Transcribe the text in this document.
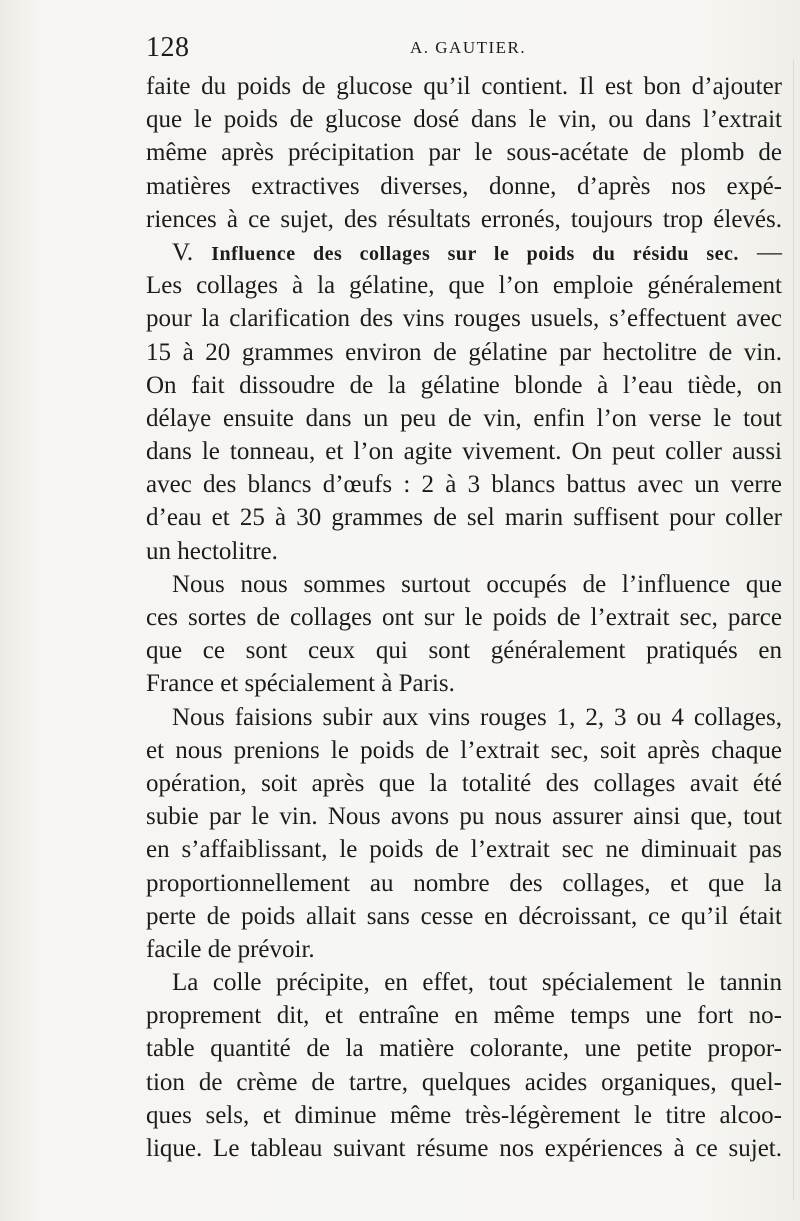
128	A. GAUTIER.
faite du poids de glucose qu’il contient. Il est bon d’ajouter
que le poids de glucose dosé dans le vin, ou dans l’extrait
même après précipitation par le sous-acétate de plomb de
matières extractives diverses, donne, d’après nos expé-
riences à ce sujet, des résultats erronés, toujours trop élevés.
V. Influence des collages sur le poids du résidu sec. —
Les collages à la gélatine, que l’on emploie généralement
pour la clarification des vins rouges usuels, s’effectuent avec
15 à 20 grammes environ de gélatine par hectolitre de vin.
On fait dissoudre de la gélatine blonde à l’eau tiède, on
délaye ensuite dans un peu de vin, enfin l’on verse le tout
dans le tonneau, et l’on agite vivement. On peut coller aussi
avec des blancs d’œufs : 2 à 3 blancs battus avec un verre
d’eau et 25 à 30 grammes de sel marin suffisent pour coller
un hectolitre.
Nous nous sommes surtout occupés de l’influence que
ces sortes de collages ont sur le poids de l’extrait sec, parce
que ce sont ceux qui sont généralement pratiqués en
France et spécialement à Paris.
Nous faisions subir aux vins rouges 1, 2, 3 ou 4 collages,
et nous prenions le poids de l’extrait sec, soit après chaque
opération, soit après que la totalité des collages avait été
subie par le vin. Nous avons pu nous assurer ainsi que, tout
en s’affaiblissant, le poids de l’extrait sec ne diminuait pas
proportionnellement au nombre des collages, et que la
perte de poids allait sans cesse en décroissant, ce qu’il était
facile de prévoir.
La colle précipite, en effet, tout spécialement le tannin
proprement dit, et entraîne en même temps une fort no-
table quantité de la matière colorante, une petite propor-
tion de crème de tartre, quelques acides organiques, quel-
ques sels, et diminue même très-légèrement le titre alcoo-
lique. Le tableau suivant résume nos expériences à ce sujet.
